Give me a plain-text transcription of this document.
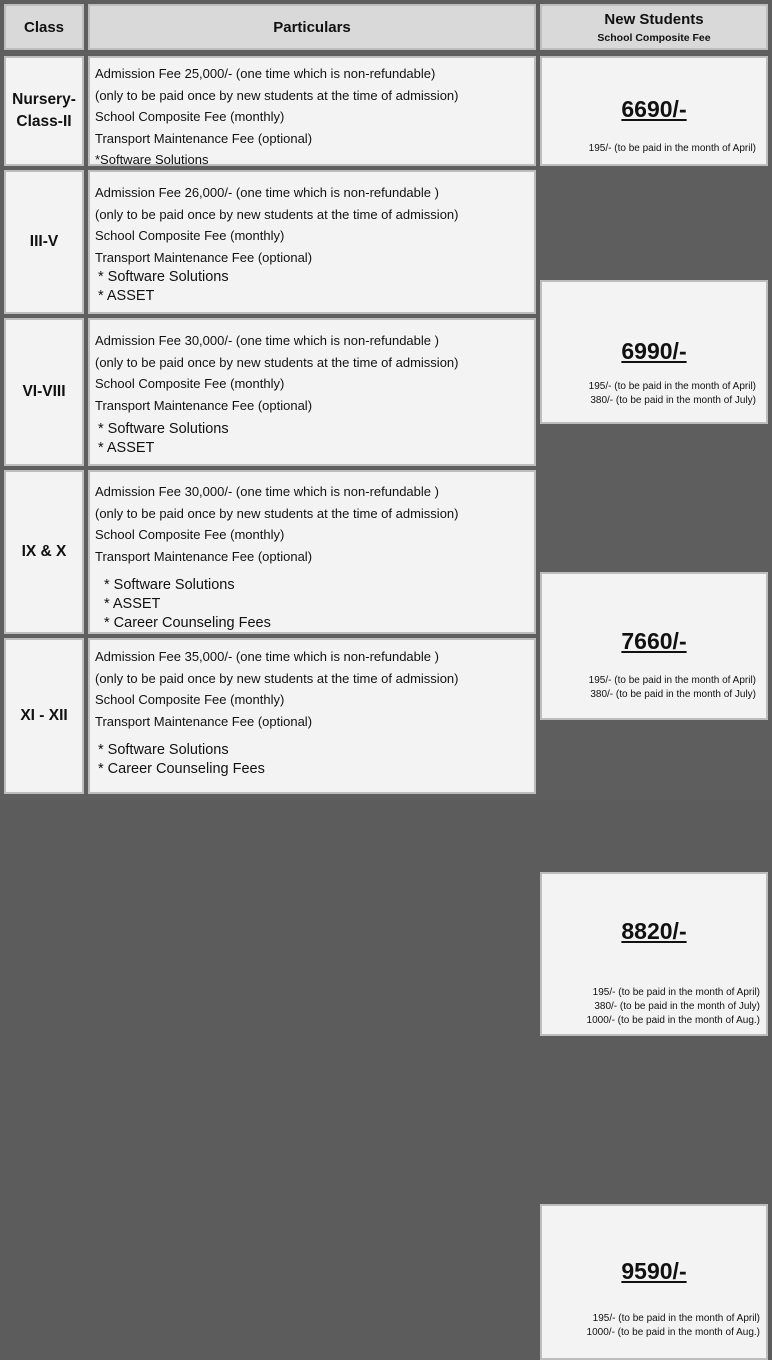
Class	Particulars	New Students
School Composite Fee
Nursery-
Class-II
Admission Fee 25,000/- (one time which is non-refundable)
(only to be paid once by new students at the time of admission)
School Composite Fee (monthly)
Transport Maintenance Fee (optional)
*Software Solutions
6690/-
195/- (to be paid in the month of April)
III-V
Admission Fee 26,000/- (one time which is non-refundable )
(only to be paid once by new students at the time of admission)
School Composite Fee (monthly)
Transport Maintenance Fee (optional)
* Software Solutions
* ASSET
6990/-
195/- (to be paid in the month of April)
380/- (to be paid in the month of July)
VI-VIII
Admission Fee 30,000/- (one time which is non-refundable )
(only to be paid once by new students at the time of admission)
School Composite Fee (monthly)
Transport Maintenance Fee (optional)
* Software Solutions
* ASSET
7660/-
195/- (to be paid in the month of April)
380/- (to be paid in the month of July)
IX & X
Admission Fee 30,000/- (one time which is non-refundable )
(only to be paid once by new students at the time of admission)
School Composite Fee (monthly)
Transport Maintenance Fee (optional)
* Software Solutions
* ASSET
* Career Counseling Fees
8820/-
195/- (to be paid in the month of April)
380/- (to be paid in the month of July)
1000/- (to be paid in the month of Aug.)
XI - XII
Admission Fee 35,000/- (one time which is non-refundable )
(only to be paid once by new students at the time of admission)
School Composite Fee (monthly)
Transport Maintenance Fee (optional)
* Software Solutions
* Career Counseling Fees
9590/-
195/- (to be paid in the month of April)
1000/- (to be paid in the month of Aug.)
